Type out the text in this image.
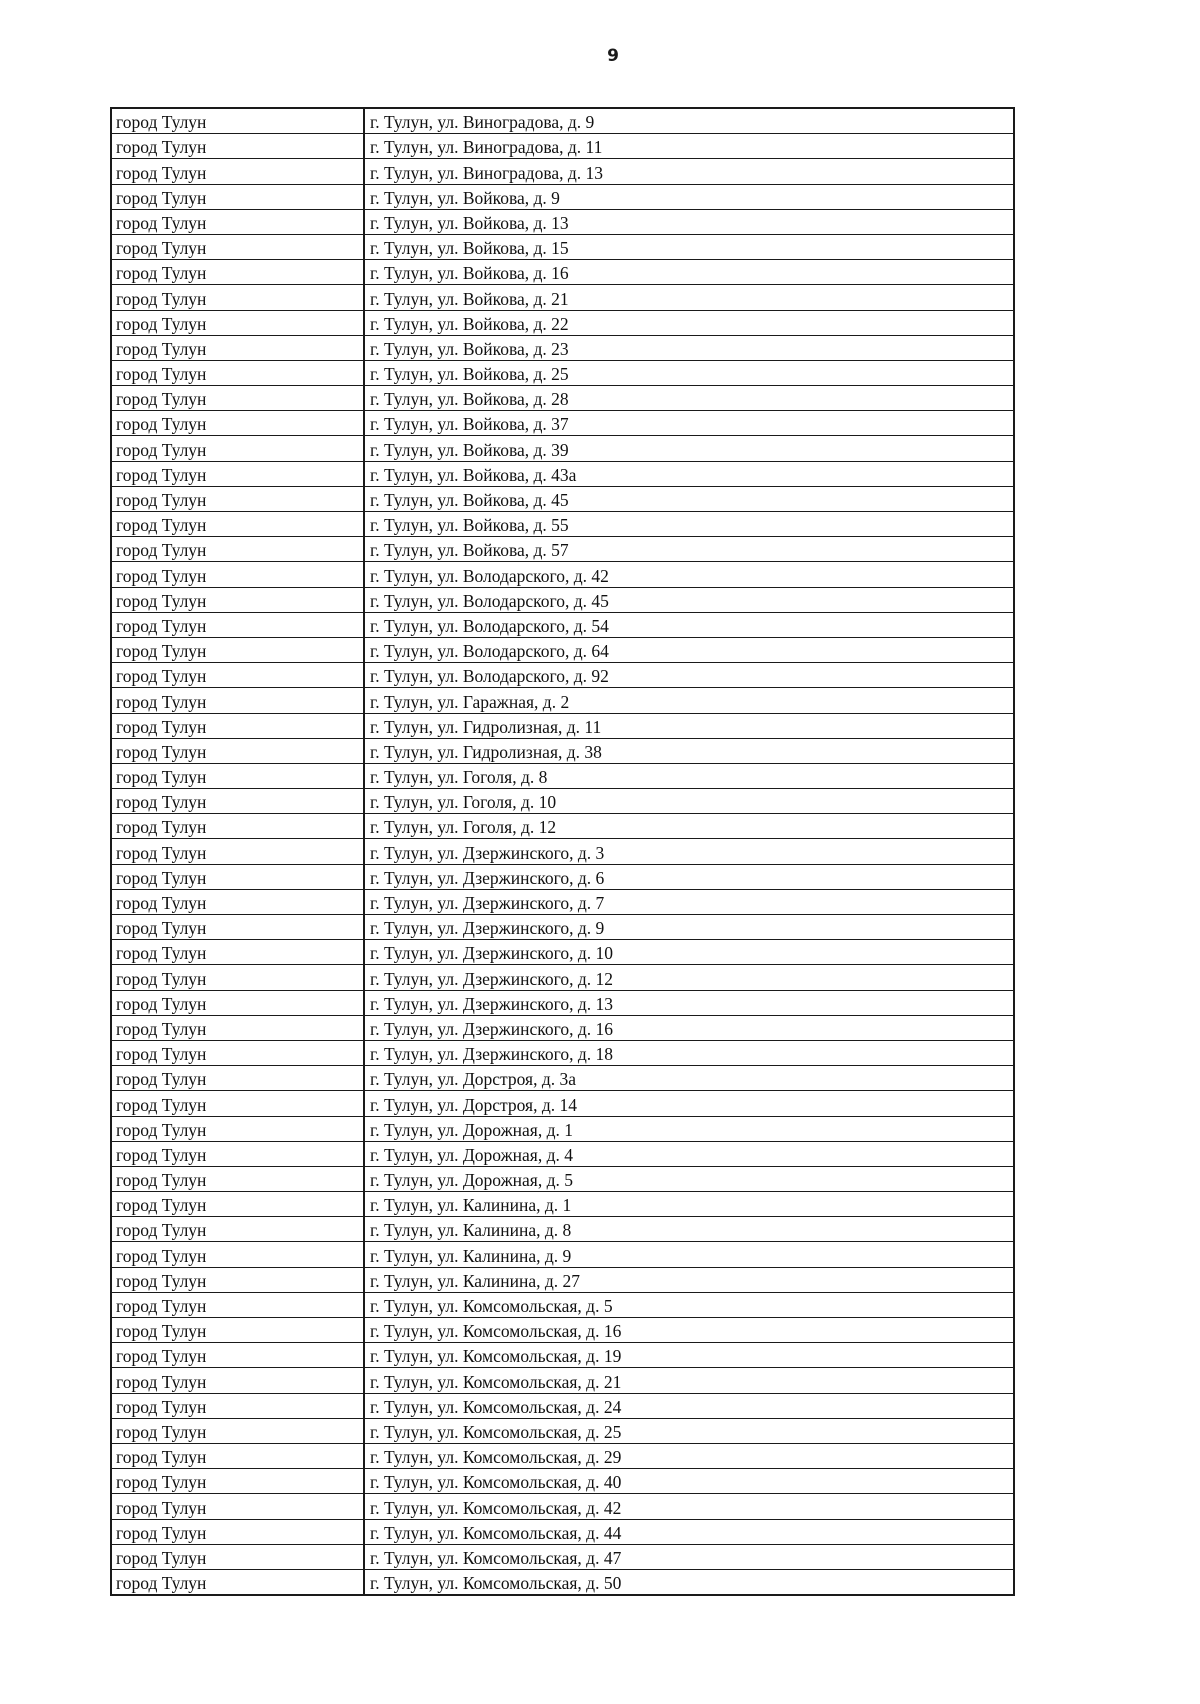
9
город Тулун	г. Тулун, ул. Виноградова, д. 9
город Тулун	г. Тулун, ул. Виноградова, д. 11
город Тулун	г. Тулун, ул. Виноградова, д. 13
город Тулун	г. Тулун, ул. Войкова, д. 9
город Тулун	г. Тулун, ул. Войкова, д. 13
город Тулун	г. Тулун, ул. Войкова, д. 15
город Тулун	г. Тулун, ул. Войкова, д. 16
город Тулун	г. Тулун, ул. Войкова, д. 21
город Тулун	г. Тулун, ул. Войкова, д. 22
город Тулун	г. Тулун, ул. Войкова, д. 23
город Тулун	г. Тулун, ул. Войкова, д. 25
город Тулун	г. Тулун, ул. Войкова, д. 28
город Тулун	г. Тулун, ул. Войкова, д. 37
город Тулун	г. Тулун, ул. Войкова, д. 39
город Тулун	г. Тулун, ул. Войкова, д. 43а
город Тулун	г. Тулун, ул. Войкова, д. 45
город Тулун	г. Тулун, ул. Войкова, д. 55
город Тулун	г. Тулун, ул. Войкова, д. 57
город Тулун	г. Тулун, ул. Володарского, д. 42
город Тулун	г. Тулун, ул. Володарского, д. 45
город Тулун	г. Тулун, ул. Володарского, д. 54
город Тулун	г. Тулун, ул. Володарского, д. 64
город Тулун	г. Тулун, ул. Володарского, д. 92
город Тулун	г. Тулун, ул. Гаражная, д. 2
город Тулун	г. Тулун, ул. Гидролизная, д. 11
город Тулун	г. Тулун, ул. Гидролизная, д. 38
город Тулун	г. Тулун, ул. Гоголя, д. 8
город Тулун	г. Тулун, ул. Гоголя, д. 10
город Тулун	г. Тулун, ул. Гоголя, д. 12
город Тулун	г. Тулун, ул. Дзержинского, д. 3
город Тулун	г. Тулун, ул. Дзержинского, д. 6
город Тулун	г. Тулун, ул. Дзержинского, д. 7
город Тулун	г. Тулун, ул. Дзержинского, д. 9
город Тулун	г. Тулун, ул. Дзержинского, д. 10
город Тулун	г. Тулун, ул. Дзержинского, д. 12
город Тулун	г. Тулун, ул. Дзержинского, д. 13
город Тулун	г. Тулун, ул. Дзержинского, д. 16
город Тулун	г. Тулун, ул. Дзержинского, д. 18
город Тулун	г. Тулун, ул. Дорстроя, д. 3а
город Тулун	г. Тулун, ул. Дорстроя, д. 14
город Тулун	г. Тулун, ул. Дорожная, д. 1
город Тулун	г. Тулун, ул. Дорожная, д. 4
город Тулун	г. Тулун, ул. Дорожная, д. 5
город Тулун	г. Тулун, ул. Калинина, д. 1
город Тулун	г. Тулун, ул. Калинина, д. 8
город Тулун	г. Тулун, ул. Калинина, д. 9
город Тулун	г. Тулун, ул. Калинина, д. 27
город Тулун	г. Тулун, ул. Комсомольская, д. 5
город Тулун	г. Тулун, ул. Комсомольская, д. 16
город Тулун	г. Тулун, ул. Комсомольская, д. 19
город Тулун	г. Тулун, ул. Комсомольская, д. 21
город Тулун	г. Тулун, ул. Комсомольская, д. 24
город Тулун	г. Тулун, ул. Комсомольская, д. 25
город Тулун	г. Тулун, ул. Комсомольская, д. 29
город Тулун	г. Тулун, ул. Комсомольская, д. 40
город Тулун	г. Тулун, ул. Комсомольская, д. 42
город Тулун	г. Тулун, ул. Комсомольская, д. 44
город Тулун	г. Тулун, ул. Комсомольская, д. 47
город Тулун	г. Тулун, ул. Комсомольская, д. 50
